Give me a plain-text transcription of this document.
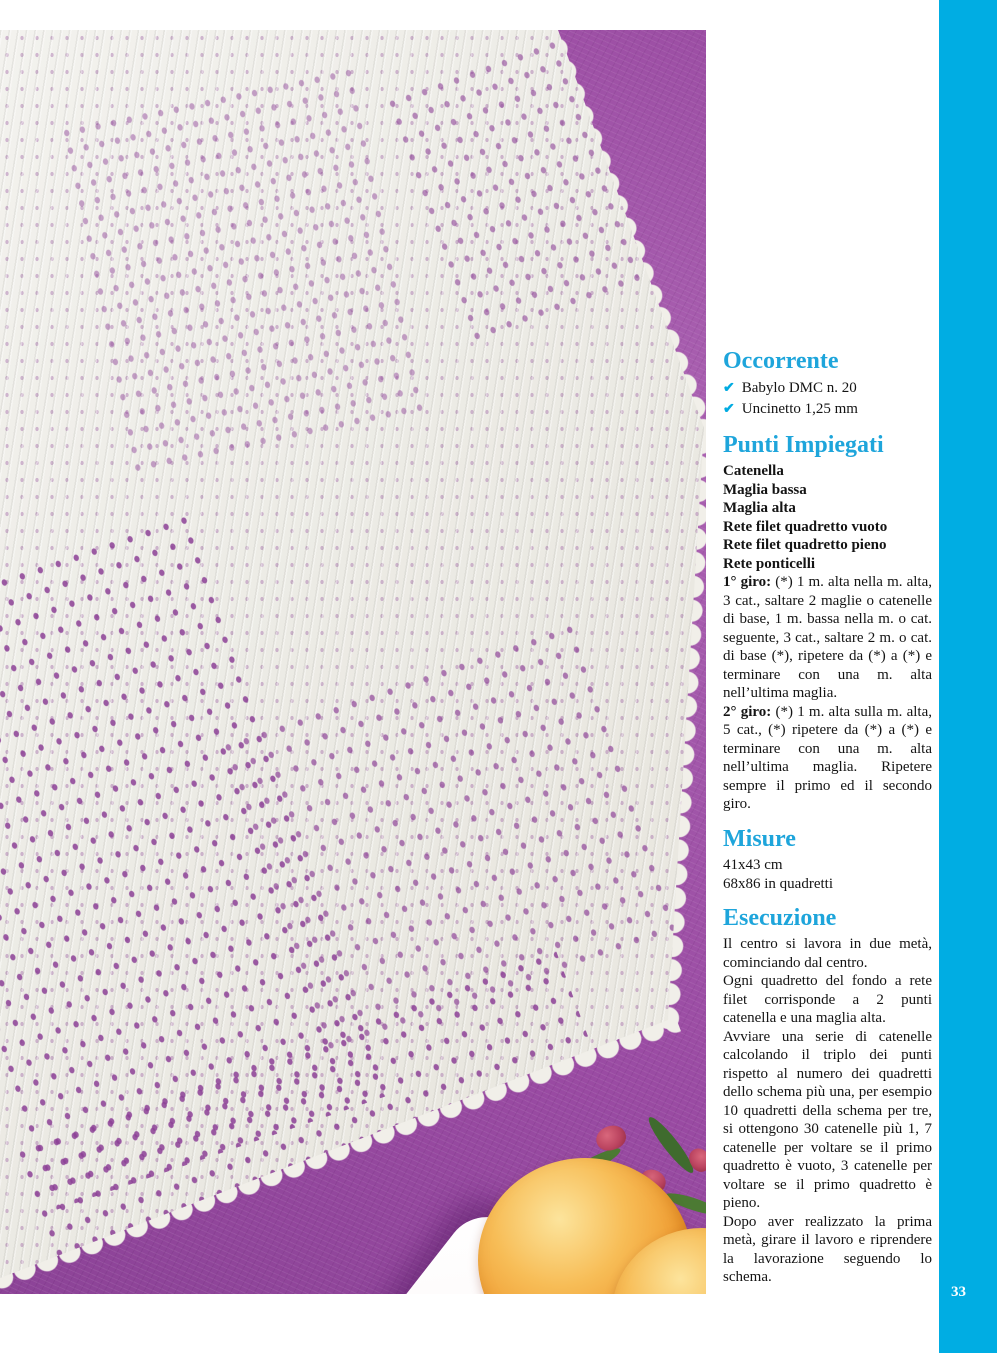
Occorrente
✔ Babylo DMC n. 20
✔ Uncinetto 1,25 mm
Punti Impiegati
Catenella
Maglia bassa
Maglia alta
Rete filet quadretto vuoto
Rete filet quadretto pieno
Rete ponticelli

1° giro: (*) 1 m. alta nella m. alta, 3 cat., saltare 2 maglie o catenelle di base, 1 m. bassa nella m. o cat. seguente, 3 cat., saltare 2 m. o cat. di base (*), ripetere da (*) a (*) e terminare con una m. alta nell’ultima maglia.

2° giro: (*) 1 m. alta sulla m. alta, 5 cat., (*) ripetere da (*) a (*) e terminare con una m. alta nell’ultima maglia. Ripetere sempre il primo ed il secondo giro.

Misure
41x43 cm
68x86 in quadretti
Esecuzione

Il centro si lavora in due metà, cominciando dal centro.

Ogni quadretto del fondo a rete filet corrisponde a 2 punti catenella e una maglia alta.

Avviare una serie di catenelle calcolando il triplo dei punti rispetto al numero dei quadretti dello schema più una, per esempio 10 quadretti della schema per tre, si ottengono 30 catenelle più 1, 7 catenelle per voltare se il primo quadretto è vuoto, 3 catenelle per voltare se il primo quadretto è pieno.

Dopo aver realizzato la prima metà, girare il lavoro e riprendere la lavorazione seguendo lo schema.

33
